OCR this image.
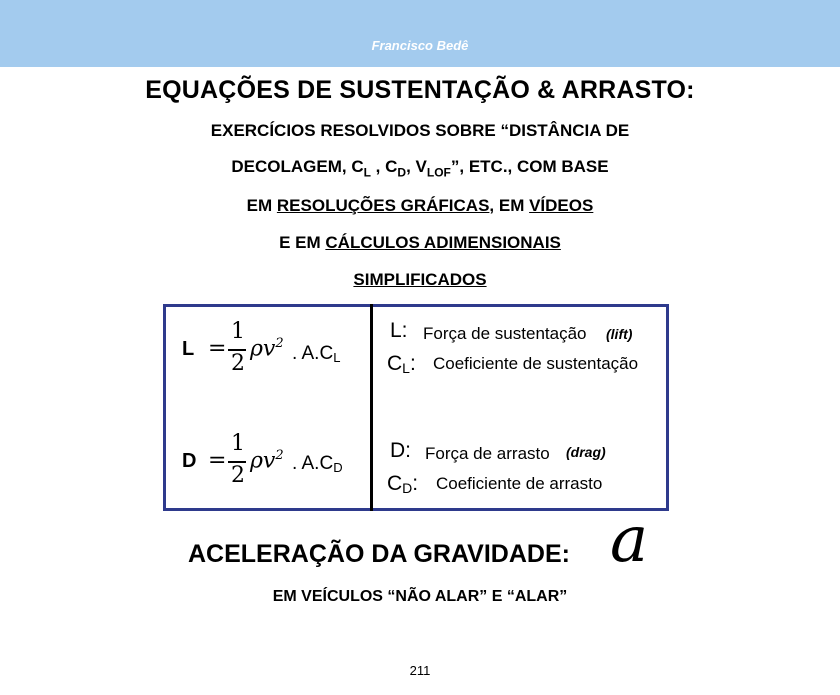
Francisco Bedê
EQUAÇÕES DE SUSTENTAÇÃO & ARRASTO:
EXERCÍCIOS RESOLVIDOS SOBRE “DISTÂNCIA DE
DECOLAGEM, $C_L$ , $C_D$, $V_{LOF}$”, ETC., COM BASE
EM RESOLUÇÕES GRÁFICAS, EM VÍDEOS
E EM CÁLCULOS ADIMENSIONAIS
SIMPLIFICADOS
L =
1
2
$\rho v^2$ . $A.C_L$
D =
1
2
$\rho v^2$ . $A.C_D$
L: Força de sustentação (lift)
$C_L$: Coeficiente de sustentação
D: Força de arrasto (drag)
$C_D$: Coeficiente de arrasto
ACELERAÇÃO DA GRAVIDADE: a
EM VEÍCULOS “NÃO ALAR” E “ALAR”
211
